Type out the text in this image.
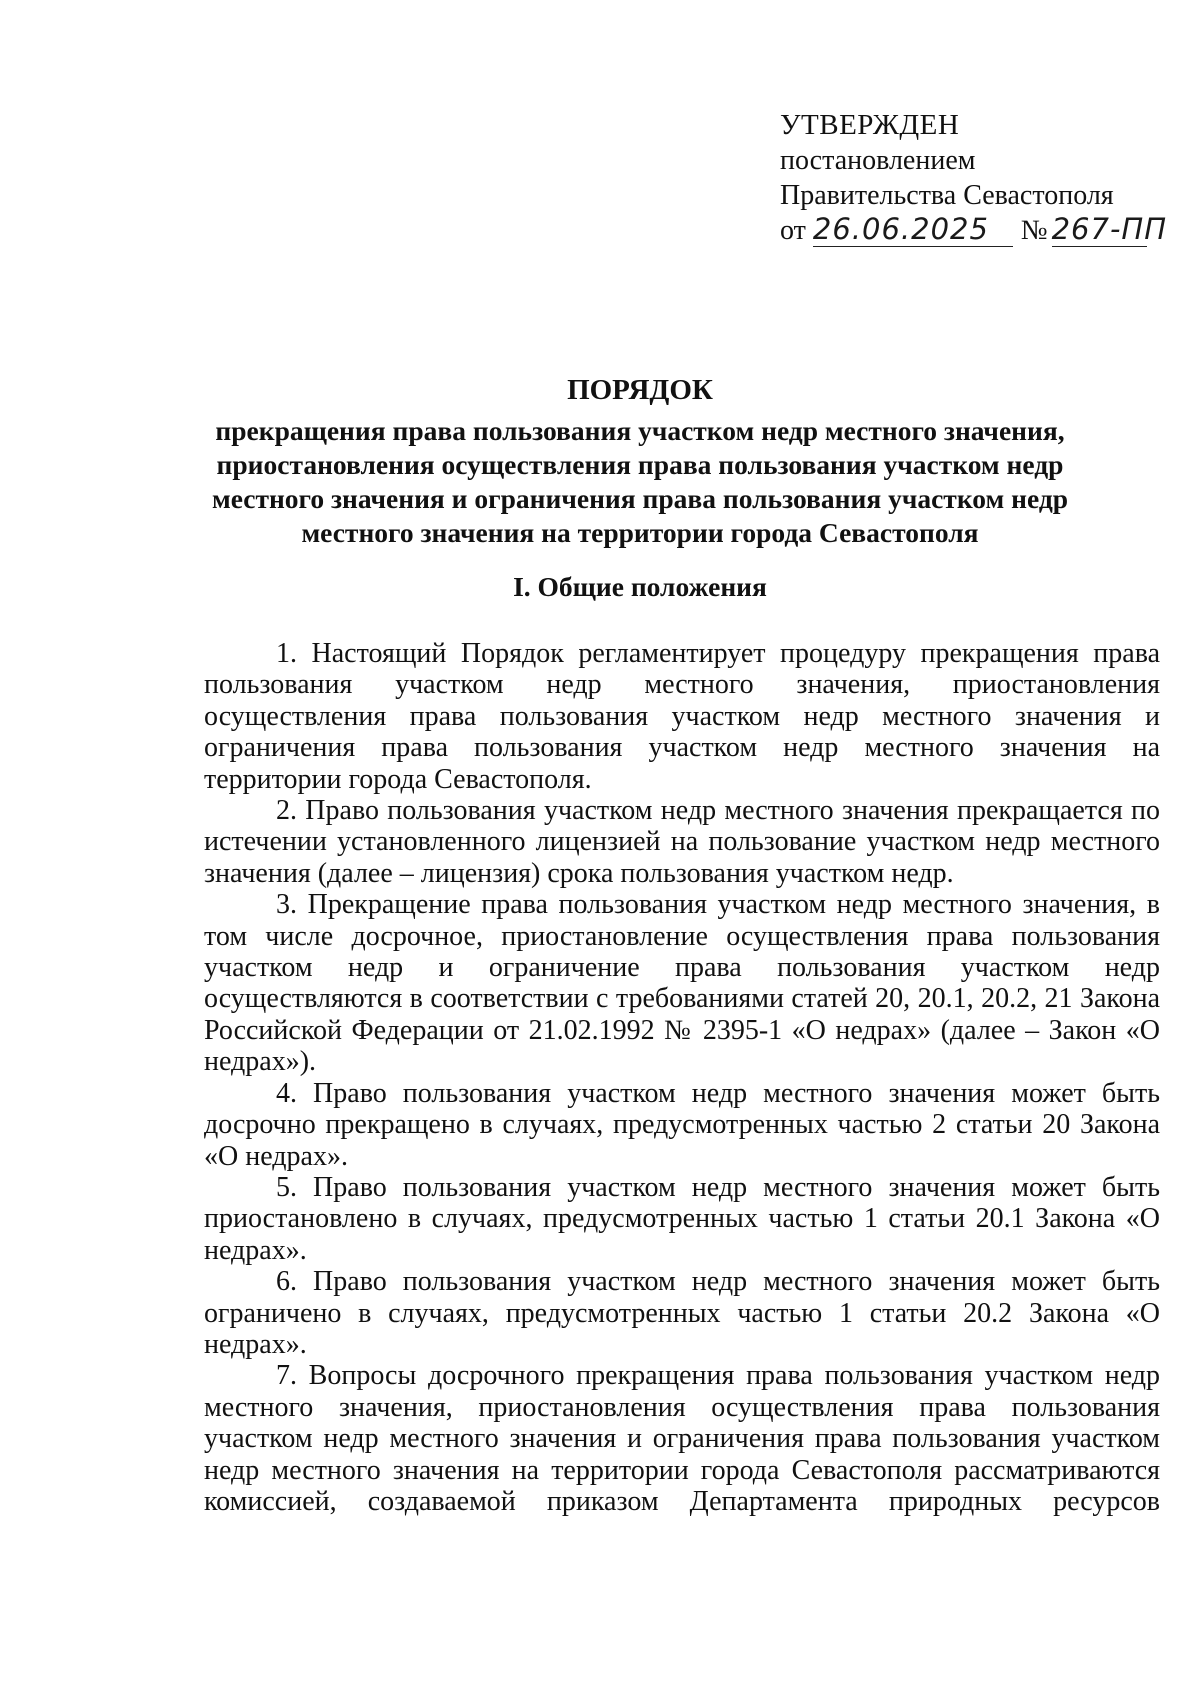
УТВЕРЖДЕН
постановлением
Правительства Севастополя
от 26.06.2025 № 267-ПП
ПОРЯДОК
прекращения права пользования участком недр местного значения,
приостановления осуществления права пользования участком недр
местного значения и ограничения права пользования участком недр
местного значения на территории города Севастополя
I. Общие положения

1. Настоящий Порядок регламентирует процедуру прекращения права пользования участком недр местного значения, приостановления осуществления права пользования участком недр местного значения и ограничения права пользования участком недр местного значения на территории города Севастополя.

2. Право пользования участком недр местного значения прекращается по истечении установленного лицензией на пользование участком недр местного значения (далее – лицензия) срока пользования участком недр.

3. Прекращение права пользования участком недр местного значения, в том числе досрочное, приостановление осуществления права пользования участком недр и ограничение права пользования участком недр осуществляются в соответствии с требованиями статей 20, 20.1, 20.2, 21 Закона Российской Федерации от 21.02.1992 № 2395-1 «О недрах» (далее – Закон «О недрах»).

4. Право пользования участком недр местного значения может быть досрочно прекращено в случаях, предусмотренных частью 2 статьи 20 Закона «О недрах».

5. Право пользования участком недр местного значения может быть приостановлено в случаях, предусмотренных частью 1 статьи 20.1 Закона «О недрах».

6. Право пользования участком недр местного значения может быть ограничено в случаях, предусмотренных частью 1 статьи 20.2 Закона «О недрах».

7. Вопросы досрочного прекращения права пользования участком недр местного значения, приостановления осуществления права пользования участком недр местного значения и ограничения права пользования участком недр местного значения на территории города Севастополя рассматриваются комиссией, создаваемой приказом Департамента природных ресурсов
